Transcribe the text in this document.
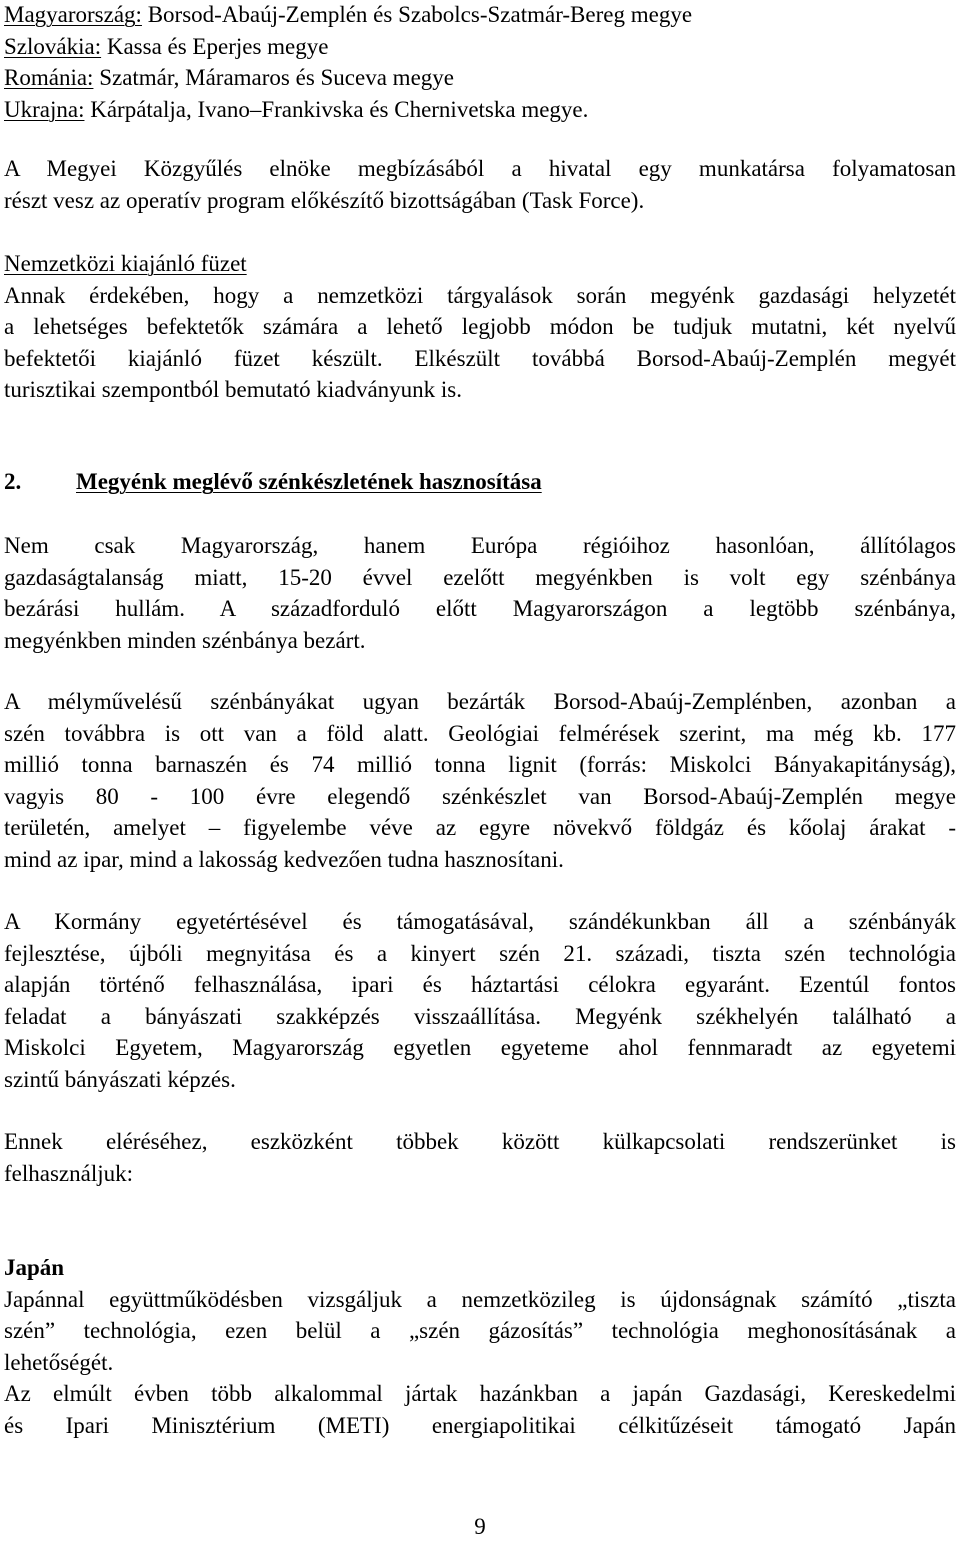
Magyarország: Borsod-Abaúj-Zemplén és Szabolcs-Szatmár-Bereg megye
Szlovákia: Kassa és Eperjes megye
Románia: Szatmár, Máramaros és Suceva megye
Ukrajna: Kárpátalja, Ivano–Frankivska és Chernivetska megye.
A Megyei Közgyűlés elnöke megbízásából a hivatal egy munkatársa folyamatosan
részt vesz az operatív program előkészítő bizottságában (Task Force).
Nemzetközi kiajánló füzet
Annak érdekében, hogy a nemzetközi tárgyalások során megyénk gazdasági helyzetét
a lehetséges befektetők számára a lehető legjobb módon be tudjuk mutatni, két nyelvű
befektetői kiajánló füzet készült. Elkészült továbbá Borsod-Abaúj-Zemplén megyét
turisztikai szempontból bemutató kiadványunk is.
2. Megyénk meglévő szénkészletének hasznosítása
Nem csak Magyarország, hanem Európa régióihoz hasonlóan, állítólagos
gazdaságtalanság miatt, 15-20 évvel ezelőtt megyénkben is volt egy szénbánya
bezárási hullám. A századforduló előtt Magyarországon a legtöbb szénbánya,
megyénkben minden szénbánya bezárt.
A mélyművelésű szénbányákat ugyan bezárták Borsod-Abaúj-Zemplénben, azonban a
szén továbbra is ott van a föld alatt. Geológiai felmérések szerint, ma még kb. 177
millió tonna barnaszén és 74 millió tonna lignit (forrás: Miskolci Bányakapitányság),
vagyis 80 - 100 évre elegendő szénkészlet van Borsod-Abaúj-Zemplén megye
területén, amelyet – figyelembe véve az egyre növekvő földgáz és kőolaj árakat -
mind az ipar, mind a lakosság kedvezően tudna hasznosítani.
A Kormány egyetértésével és támogatásával, szándékunkban áll a szénbányák
fejlesztése, újbóli megnyitása és a kinyert szén 21. századi, tiszta szén technológia
alapján történő felhasználása, ipari és háztartási célokra egyaránt. Ezentúl fontos
feladat a bányászati szakképzés visszaállítása. Megyénk székhelyén található a
Miskolci Egyetem, Magyarország egyetlen egyeteme ahol fennmaradt az egyetemi
szintű bányászati képzés.
Ennek eléréséhez, eszközként többek között külkapcsolati rendszerünket is
felhasználjuk:
Japán
Japánnal együttműködésben vizsgáljuk a nemzetközileg is újdonságnak számító „tiszta
szén” technológia, ezen belül a „szén gázosítás” technológia meghonosításának a
lehetőségét.
Az elmúlt évben több alkalommal jártak hazánkban a japán Gazdasági, Kereskedelmi
és Ipari Minisztérium (METI) energiapolitikai célkitűzéseit támogató Japán
9
